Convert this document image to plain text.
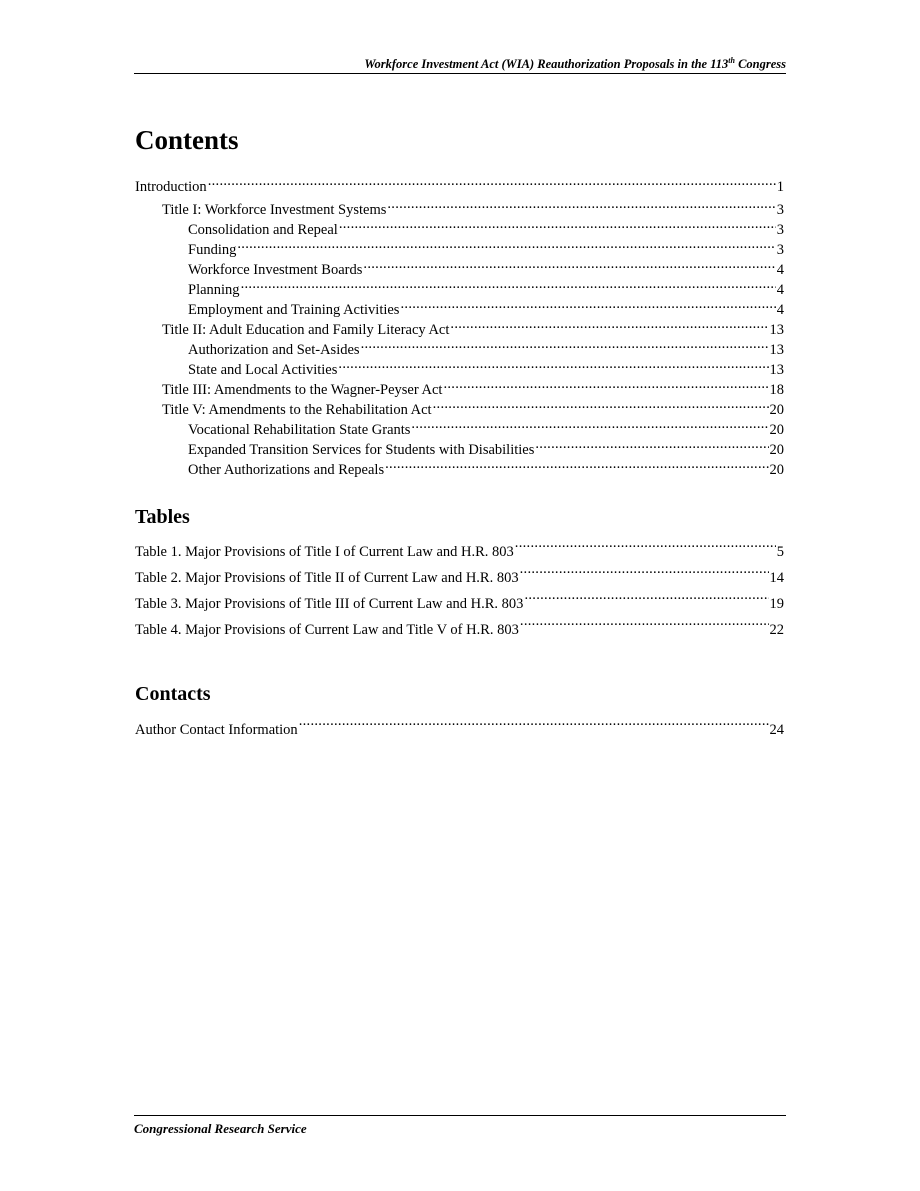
Workforce Investment Act (WIA) Reauthorization Proposals in the 113th Congress
Contents
Introduction .....	1
Title I: Workforce Investment Systems .....	3
Consolidation and Repeal .....	3
Funding .....	3
Workforce Investment Boards .....	4
Planning .....	4
Employment and Training Activities .....	4
Title II: Adult Education and Family Literacy Act .....	13
Authorization and Set-Asides .....	13
State and Local Activities .....	13
Title III: Amendments to the Wagner-Peyser Act .....	18
Title V: Amendments to the Rehabilitation Act .....	20
Vocational Rehabilitation State Grants .....	20
Expanded Transition Services for Students with Disabilities .....	20
Other Authorizations and Repeals .....	20
Tables
Table 1. Major Provisions of Title I of Current Law and H.R. 803 .....	5
Table 2. Major Provisions of Title II of Current Law and H.R. 803 .....	14
Table 3. Major Provisions of Title III of Current Law and H.R. 803 .....	19
Table 4. Major Provisions of Current Law and Title V of H.R. 803 .....	22
Contacts
Author Contact Information .....	24
Congressional Research Service
